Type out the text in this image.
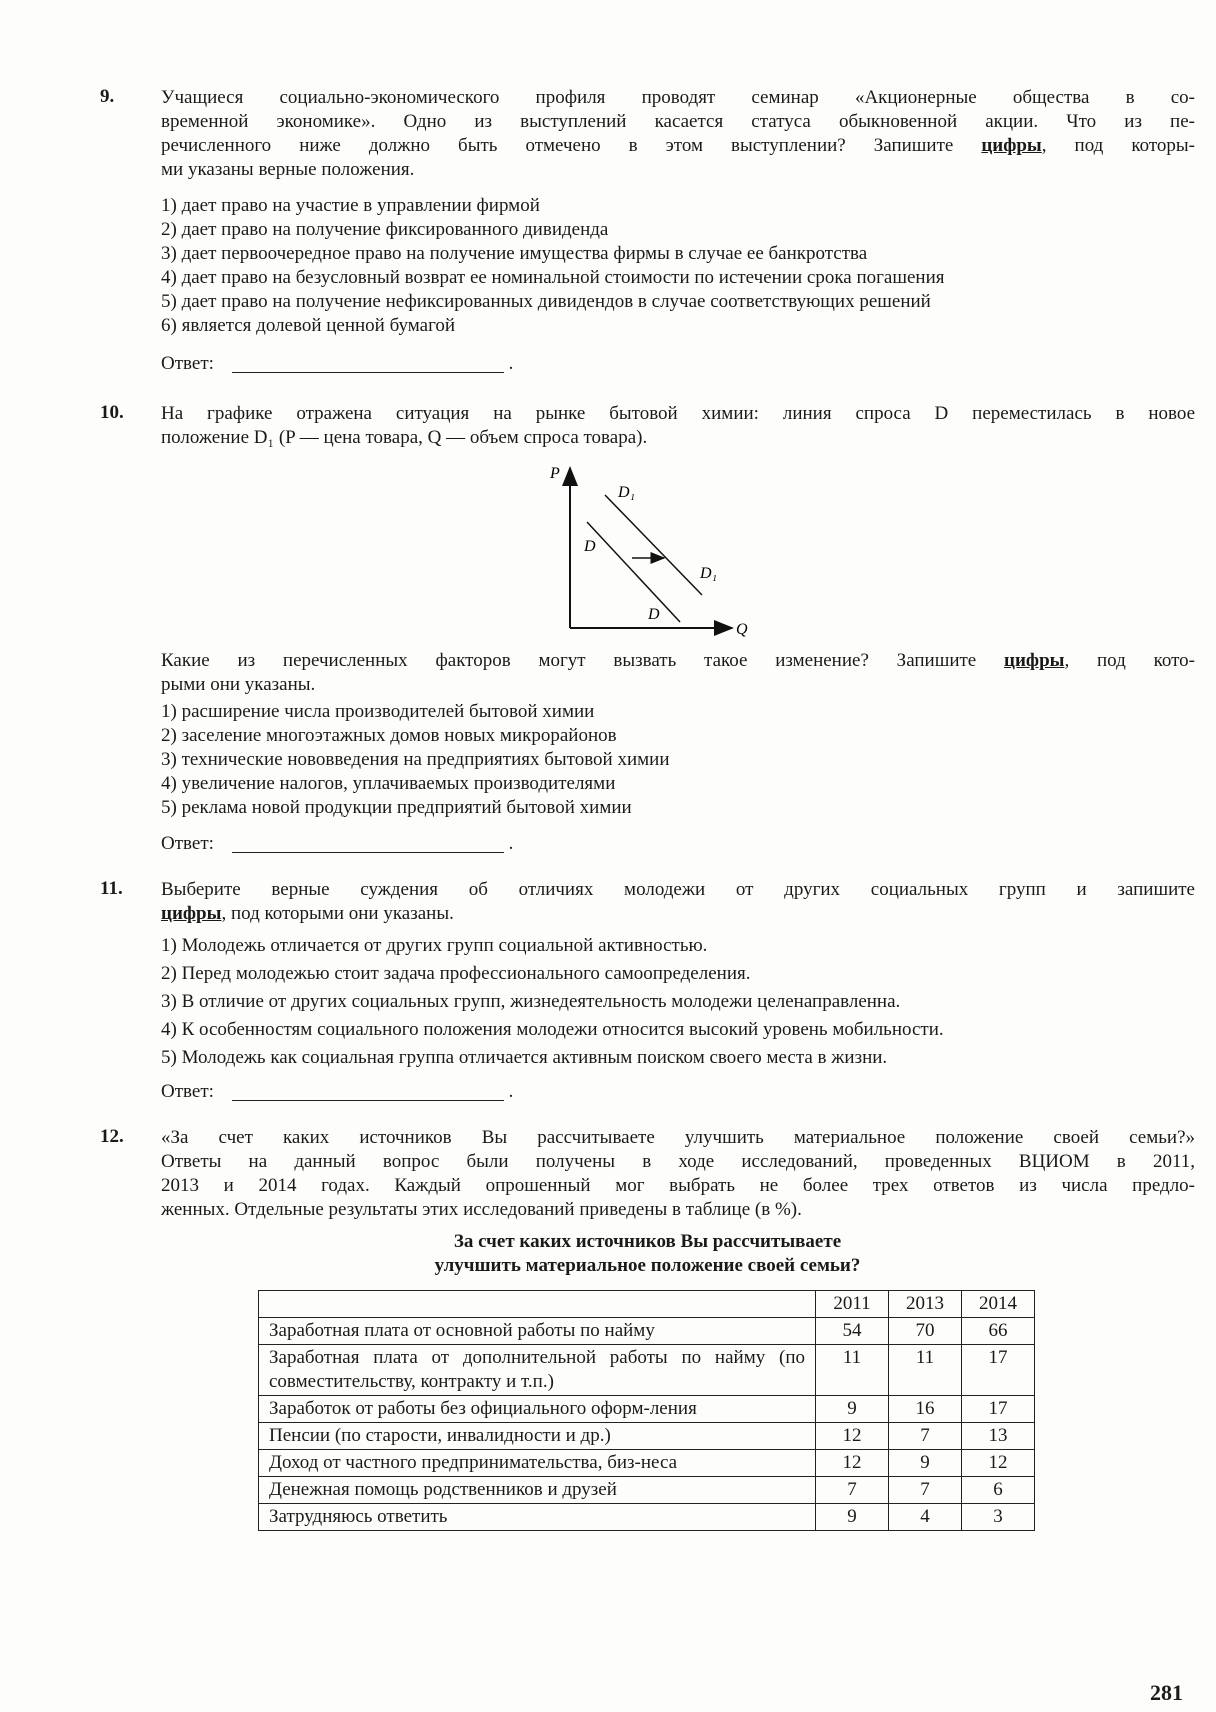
9. Учащиеся социально-экономического профиля проводят семинар «Акционерные общества в со-
временной экономике». Одно из выступлений касается статуса обыкновенной акции. Что из пе-
речисленного ниже должно быть отмечено в этом выступлении? Запишите цифры, под которы-
ми указаны верные положения.
1) дает право на участие в управлении фирмой
2) дает право на получение фиксированного дивиденда
3) дает первоочередное право на получение имущества фирмы в случае ее банкротства
4) дает право на безусловный возврат ее номинальной стоимости по истечении срока погашения
5) дает право на получение нефиксированных дивидендов в случае соответствующих решений
6) является долевой ценной бумагой
Ответ:	.
10. На графике отражена ситуация на рынке бытовой химии: линия спроса D переместилась в новое
положение D₁ (P — цена товара, Q — объем спроса товара).
P
Q
D
D
D₁
D₁
Какие из перечисленных факторов могут вызвать такое изменение? Запишите цифры, под кото-
рыми они указаны.
1) расширение числа производителей бытовой химии
2) заселение многоэтажных домов новых микрорайонов
3) технические нововведения на предприятиях бытовой химии
4) увеличение налогов, уплачиваемых производителями
5) реклама новой продукции предприятий бытовой химии
Ответ:	.
11. Выберите верные суждения об отличиях молодежи от других социальных групп и запишите
цифры, под которыми они указаны.
1) Молодежь отличается от других групп социальной активностью.
2) Перед молодежью стоит задача профессионального самоопределения.
3) В отличие от других социальных групп, жизнедеятельность молодежи целенаправленна.
4) К особенностям социального положения молодежи относится высокий уровень мобильности.
5) Молодежь как социальная группа отличается активным поиском своего места в жизни.
Ответ:	.
12. «За счет каких источников Вы рассчитываете улучшить материальное положение своей семьи?»
Ответы на данный вопрос были получены в ходе исследований, проведенных ВЦИОМ в 2011,
2013 и 2014 годах. Каждый опрошенный мог выбрать не более трех ответов из числа предло-
женных. Отдельные результаты этих исследований приведены в таблице (в %).
За счет каких источников Вы рассчитываете
улучшить материальное положение своей семьи?
	2011	2013	2014
Заработная плата от основной работы по найму	54	70	66
Заработная плата от дополнительной работы по найму (по совместительству, контракту и т.п.)	11	11	17
Заработок от работы без официального оформ-ления	9	16	17
Пенсии (по старости, инвалидности и др.)	12	7	13
Доход от частного предпринимательства, биз-неса	12	9	12
Денежная помощь родственников и друзей	7	7	6
Затрудняюсь ответить	9	4	3
281
